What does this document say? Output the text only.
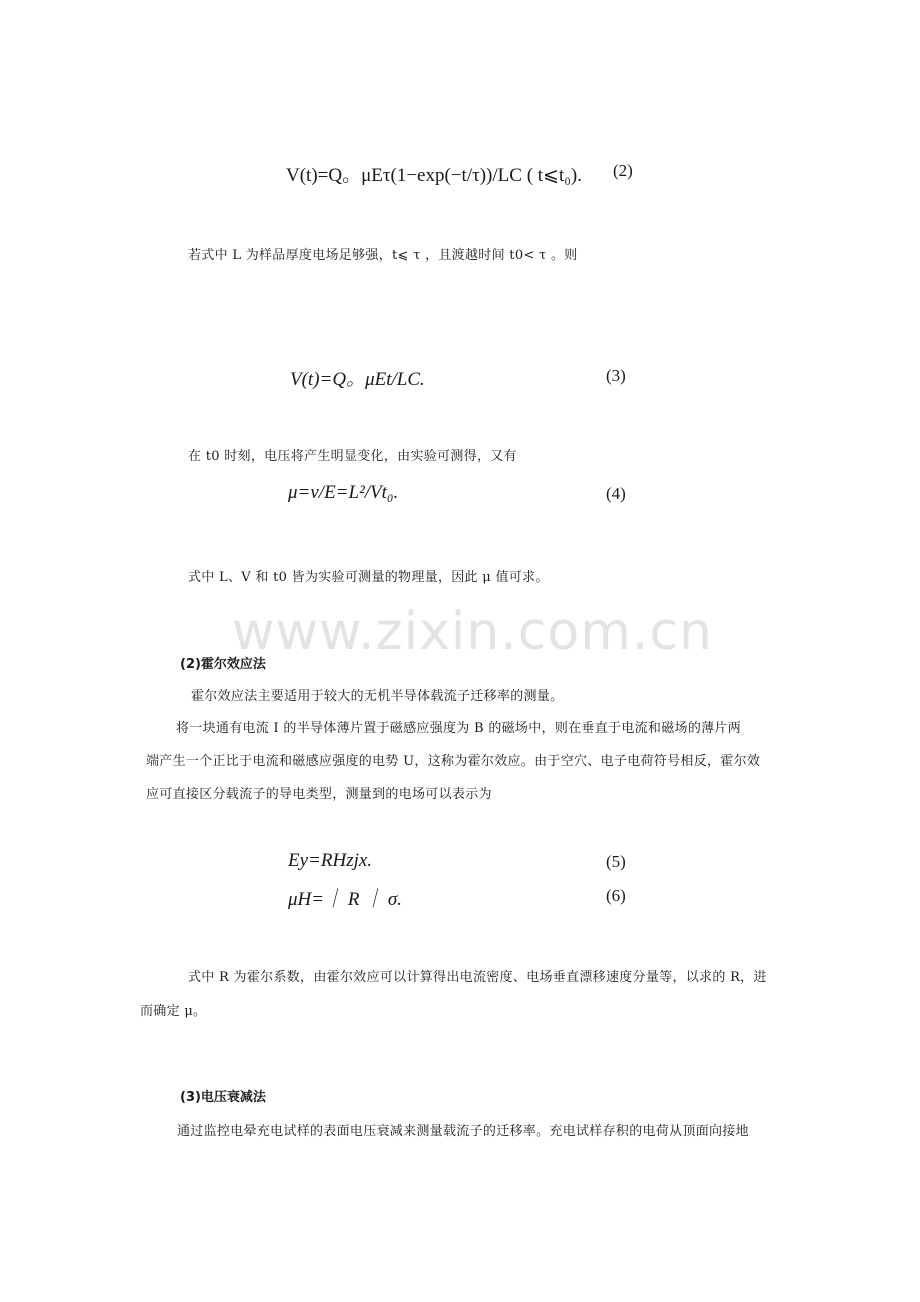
www.zixin.com.cn
V(t)=Q。μEτ(1−exp(−t/τ))/LC ( t⩽t₀). (2)
若式中 L 为样品厚度电场足够强，t⩽ τ ，且渡越时间 t0< τ 。则
V(t)=Q。μEt/LC.	(3)
在 t0 时刻，电压将产生明显变化，由实验可测得，又有
μ=v/E=L²/Vt₀.	(4)
式中 L、V 和 t0 皆为实验可测量的物理量，因此 μ 值可求。
(2)霍尔效应法
霍尔效应法主要适用于较大的无机半导体载流子迁移率的测量。
将一块通有电流 I 的半导体薄片置于磁感应强度为 B 的磁场中，则在垂直于电流和磁场的薄片两
端产生一个正比于电流和磁感应强度的电势 U，这称为霍尔效应。由于空穴、电子电荷符号相反，霍尔效
应可直接区分载流子的导电类型，测量到的电场可以表示为
Ey=RHzjx.	(5)
μH=｜ R ｜ σ.	(6)
式中 R 为霍尔系数，由霍尔效应可以计算得出电流密度、电场垂直漂移速度分量等，以求的 R，进
而确定 μ。
(3)电压衰减法
通过监控电晕充电试样的表面电压衰减来测量载流子的迁移率。充电试样存积的电荷从顶面向接地
